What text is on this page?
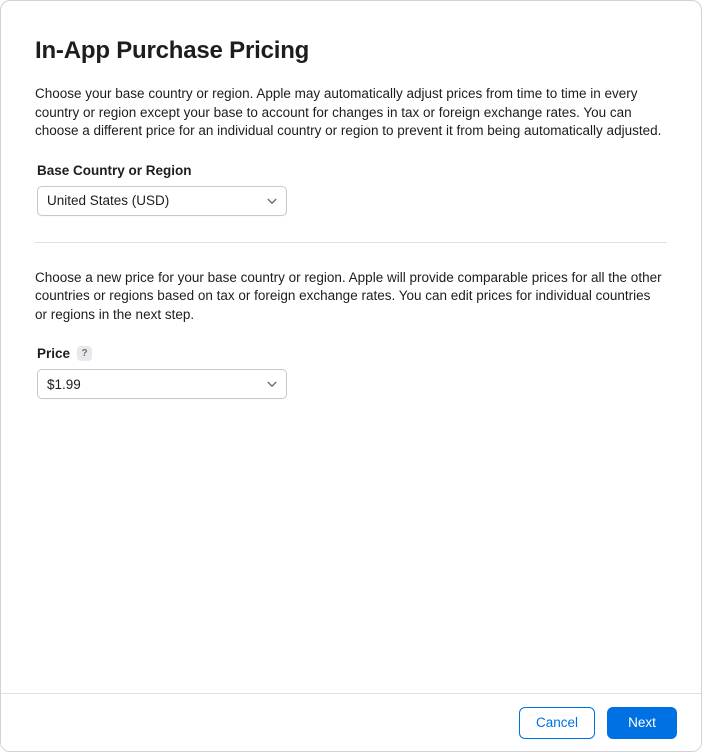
In-App Purchase Pricing

Choose your base country or region. Apple may automatically adjust prices from time to time in every country or region except your base to account for changes in tax or foreign exchange rates. You can choose a different price for an individual country or region to prevent it from being automatically adjusted.

Base Country or Region
United States (USD)

Choose a new price for your base country or region. Apple will provide comparable prices for all the other countries or regions based on tax or foreign exchange rates. You can edit prices for individual countries or regions in the next step.

Price	?
$1.99
Cancel	Next
